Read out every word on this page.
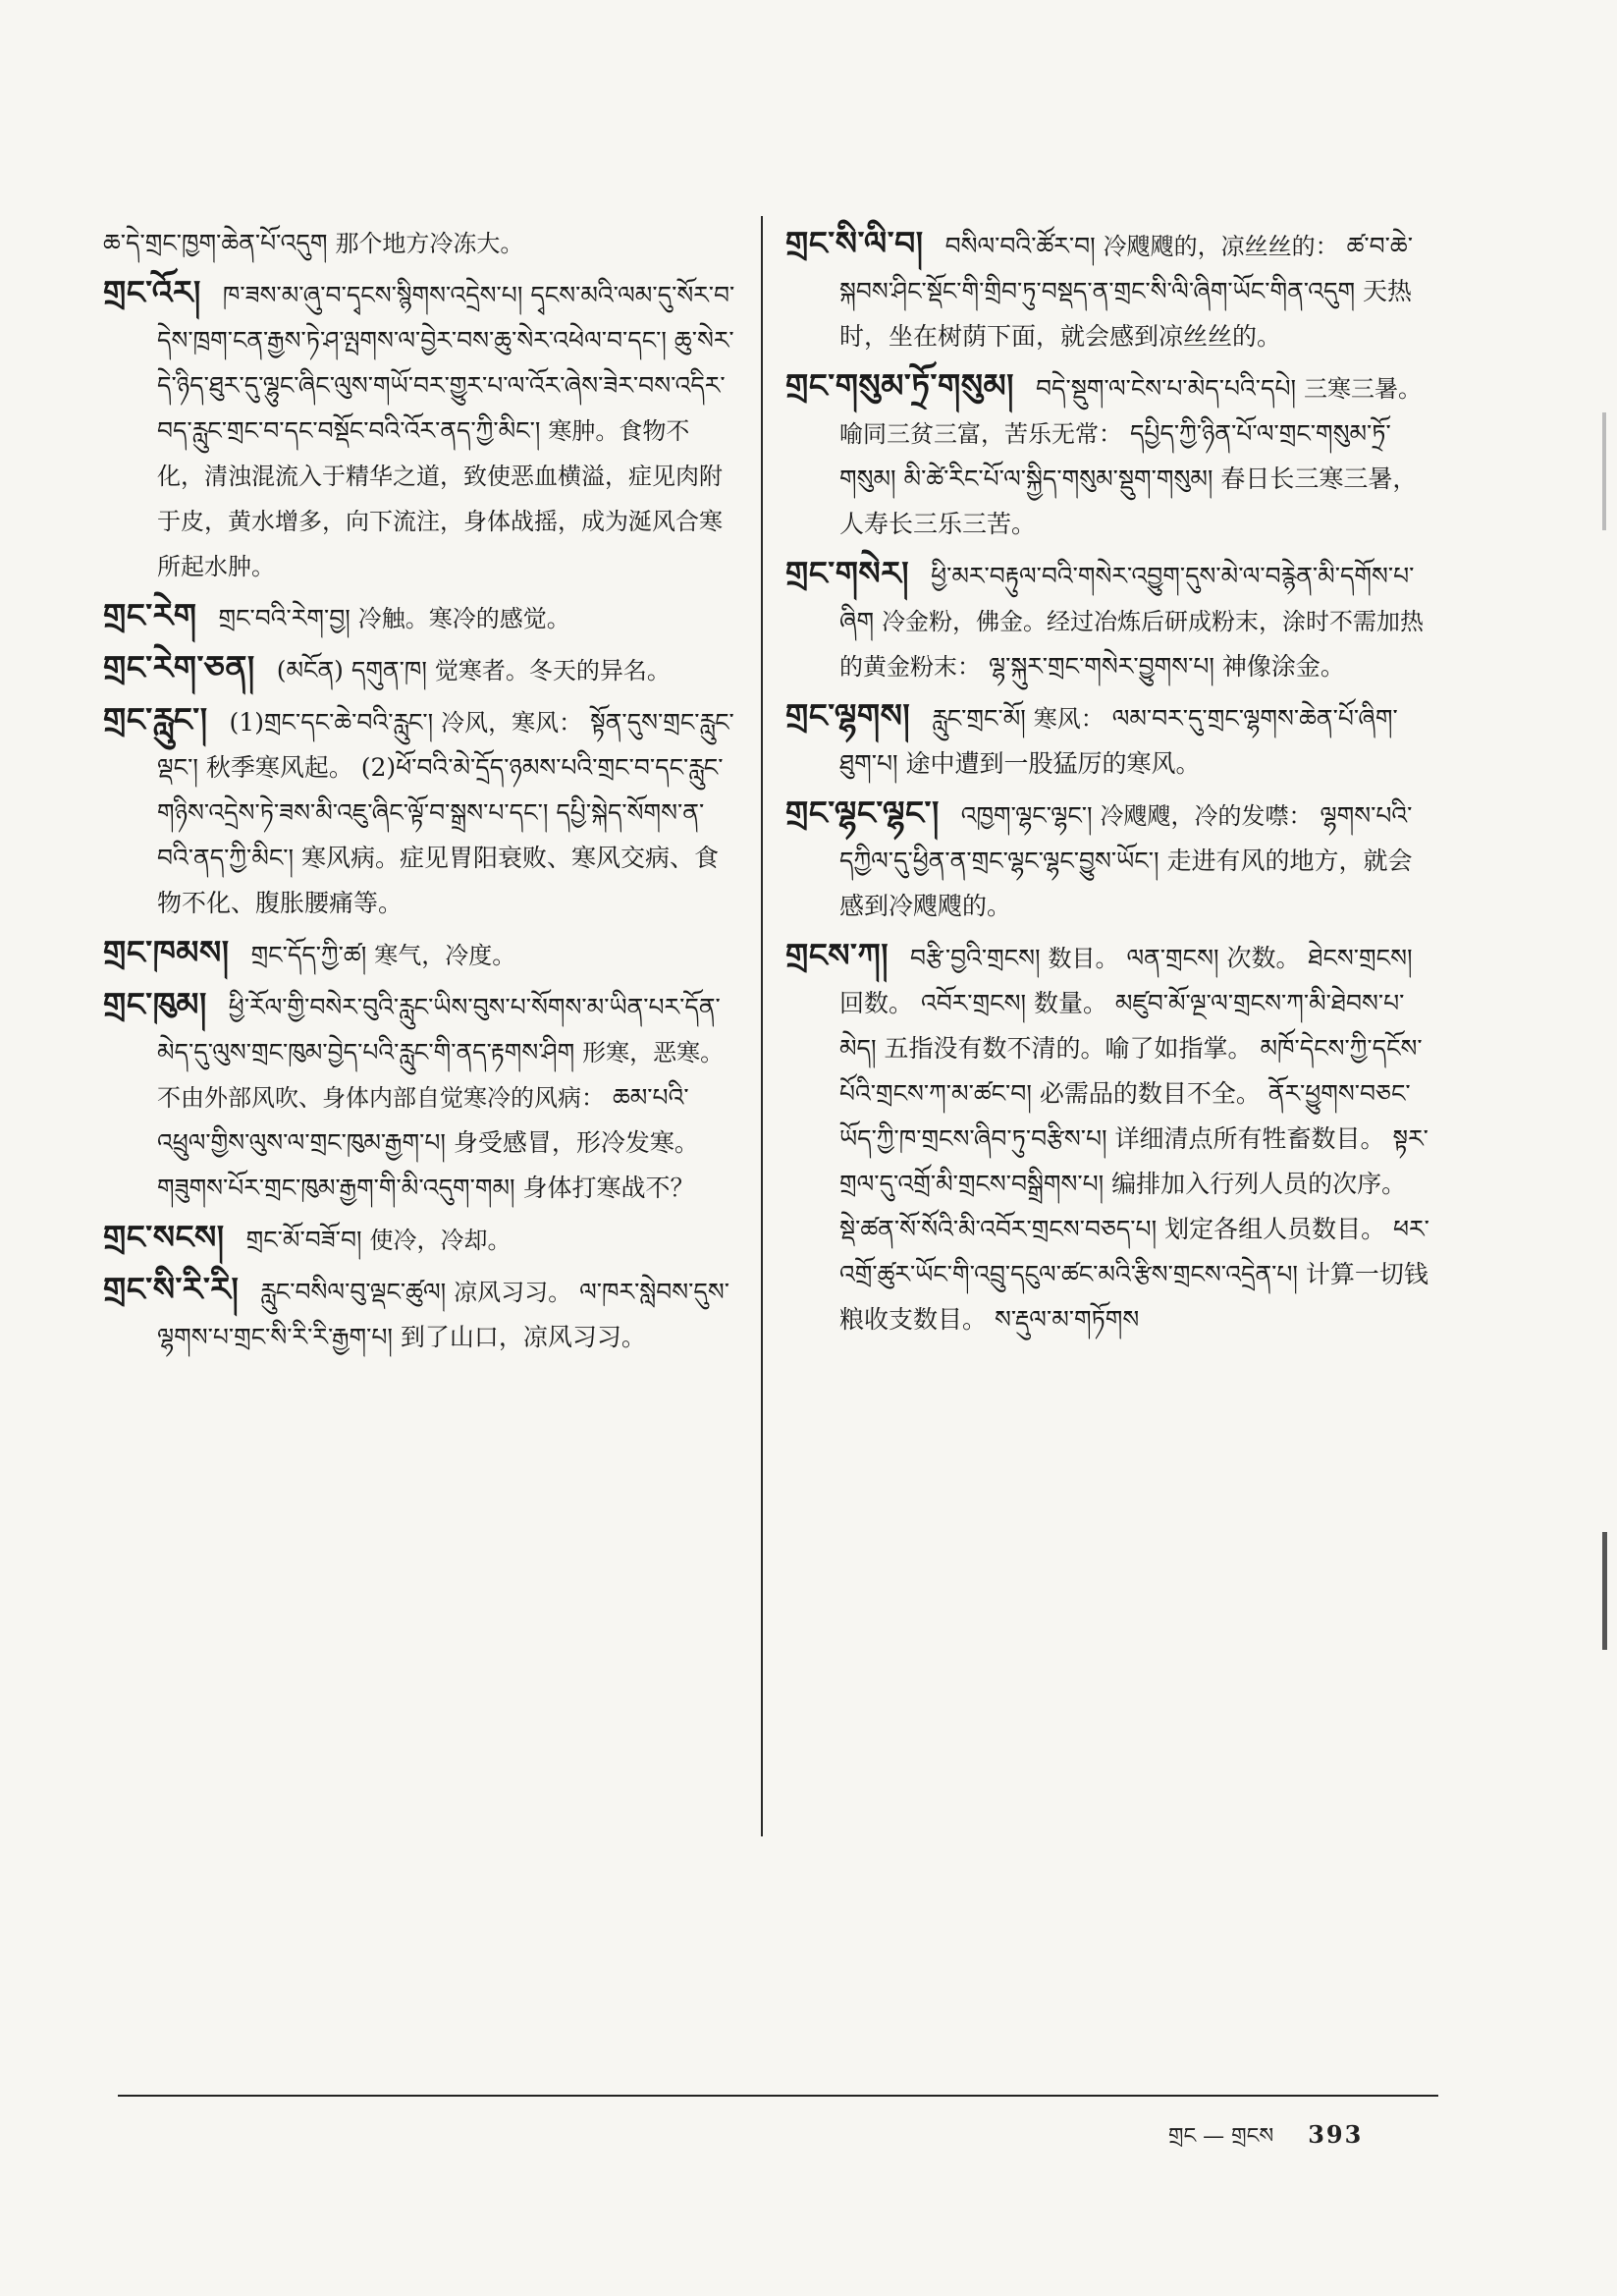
ཆ་དེ་གྲང་ཁྱག་ཆེན་པོ་འདུག 那个地方冷冻大。

གྲང་འོར། ཁ་ཟས་མ་ཞུ་བ་དྭངས་སྙིགས་འདྲེས་པ། དྭངས་མའི་ལམ་དུ་སོར་བ་དེས་ཁྲག་ངན་རྒྱས་ཏེ་ཤ་ལྤགས་ལ་བྱེར་བས་ཆུ་སེར་འཕེལ་བ་དང་། ཆུ་སེར་དེ་ཉིད་ཐུར་དུ་ལྷུང་ཞིང་ལུས་གཡོ་བར་གྱུར་པ་ལ་འོར་ཞེས་ཟེར་བས་འདིར་བད་རླུང་གྲང་བ་དང་བསྡོང་བའི་འོར་ནད་ཀྱི་མིང་། 寒肿。食物不化，清浊混流入于精华之道，致使恶血横溢，症见肉附于皮，黄水增多，向下流注，身体战摇，成为涎风合寒所起水肿。

གྲང་རེག གྲང་བའི་རེག་བྱ། 冷触。寒冷的感觉。

གྲང་རེག་ཅན། (མངོན) དགུན་ཁ། 觉寒者。冬天的异名。

གྲང་རླུང་། (1)གྲང་དང་ཆེ་བའི་རླུང་། 冷风，寒风： སྟོན་དུས་གྲང་རླུང་ལྡང་། 秋季寒风起。 (2)ཕོ་བའི་མེ་དྲོད་ཉམས་པའི་གྲང་བ་དང་རླུང་གཉིས་འདྲེས་ཏེ་ཟས་མི་འཇུ་ཞིང་ལྟོ་བ་སྒྲས་པ་དང་། དཔྱི་སྐེད་སོགས་ན་བའི་ནད་ཀྱི་མིང་། 寒风病。症见胃阳衰败、寒风交病、食物不化、腹胀腰痛等。

གྲང་ཁམས། གྲང་དོད་ཀྱི་ཚ། 寒气，冷度。

གྲང་ཁུམ། ཕྱི་རོལ་གྱི་བསེར་བུའི་རླུང་ཡིས་བུས་པ་སོགས་མ་ཡིན་པར་དོན་མེད་དུ་ལུས་གྲང་ཁུམ་བྱེད་པའི་རླུང་གི་ནད་རྟགས་ཤིག 形寒，恶寒。不由外部风吹、身体内部自觉寒冷的风病： ཆམ་པའི་འཕྲུལ་གྱིས་ལུས་ལ་གྲང་ཁུམ་རྒྱག་པ། 身受感冒，形冷发寒。གཟུགས་པོར་གྲང་ཁུམ་རྒྱག་གི་མི་འདུག་གམ། 身体打寒战不？

གྲང་སངས། གྲང་མོ་བཟོ་བ། 使冷，冷却。

གྲང་སི་རི་རི། རླུང་བསིལ་བུ་ལྡང་ཚུལ། 凉风习习。 ལ་ཁར་སླེབས་དུས་ལྷགས་པ་གྲང་སི་རི་རི་རྒྱག་པ། 到了山口，凉风习习。

གྲང་སི་ལི་བ། བསིལ་བའི་ཚོར་བ། 冷飕飕的，凉丝丝的： ཚ་བ་ཆེ་སྐབས་ཤིང་སྡོང་གི་གྲིབ་ཏུ་བསྡད་ན་གྲང་སི་ལི་ཞིག་ཡོང་གིན་འདུག 天热时，坐在树荫下面，就会感到凉丝丝的。

གྲང་གསུམ་ཏྲོ་གསུམ། བདེ་སྡུག་ལ་ངེས་པ་མེད་པའི་དཔེ། 三寒三暑。喻同三贫三富，苦乐无常： དཔྱིད་ཀྱི་ཉིན་པོ་ལ་གྲང་གསུམ་ཏྲོ་གསུམ། མི་ཚེ་རིང་པོ་ལ་སྐྱིད་གསུམ་སྡུག་གསུམ། 春日长三寒三暑，人寿长三乐三苦。

གྲང་གསེར། ཕྱི་མར་བརྟུལ་བའི་གསེར་འབྱུག་དུས་མེ་ལ་བརྙེན་མི་དགོས་པ་ཞིག 冷金粉，佛金。经过冶炼后研成粉末，涂时不需加热的黄金粉末： ལྷ་སྐུར་གྲང་གསེར་བྱུགས་པ། 神像涂金。

གྲང་ལྷགས། རླུང་གྲང་མོ། 寒风： ལམ་བར་དུ་གྲང་ལྷགས་ཆེན་པོ་ཞིག་ཐུག་པ། 途中遭到一股猛厉的寒风。

གྲང་ལྷང་ལྷང་། འཁྱག་ལྷང་ལྷང་། 冷飕飕，冷的发噤： ལྷགས་པའི་དཀྱིལ་དུ་ཕྱིན་ན་གྲང་ལྷང་ལྷང་བྱུས་ཡོང་། 走进有风的地方，就会感到冷飕飕的。

གྲངས་ཀ། བརྩི་བྱའི་གྲངས། 数目。 ལན་གྲངས། 次数。 ཐེངས་གྲངས། 回数。 འབོར་གྲངས། 数量。 མཛུབ་མོ་ལྔ་ལ་གྲངས་ཀ་མི་ཐེབས་པ་མེད། 五指没有数不清的。喻了如指掌。 མཁོ་དེངས་ཀྱི་དངོས་པོའི་གྲངས་ཀ་མ་ཚང་བ། 必需品的数目不全。 ནོར་ཕྱུགས་བཅང་ཡོད་ཀྱི་ཁ་གྲངས་ཞིབ་ཏུ་བརྩིས་པ། 详细清点所有牲畜数目。 སྟར་གྲལ་དུ་འགྲོ་མི་གྲངས་བསྒྲིགས་པ། 编排加入行列人员的次序。 སྡེ་ཚན་སོ་སོའི་མི་འབོར་གྲངས་བཅད་པ། 划定各组人员数目。 ཕར་འགྲོ་ཚུར་ཡོང་གི་འབྲུ་དངུལ་ཚང་མའི་རྩིས་གྲངས་འདྲེན་པ། 计算一切钱粮收支数目。 ས་རྡུལ་མ་གཏོགས

གྲང — གྲངས 393
